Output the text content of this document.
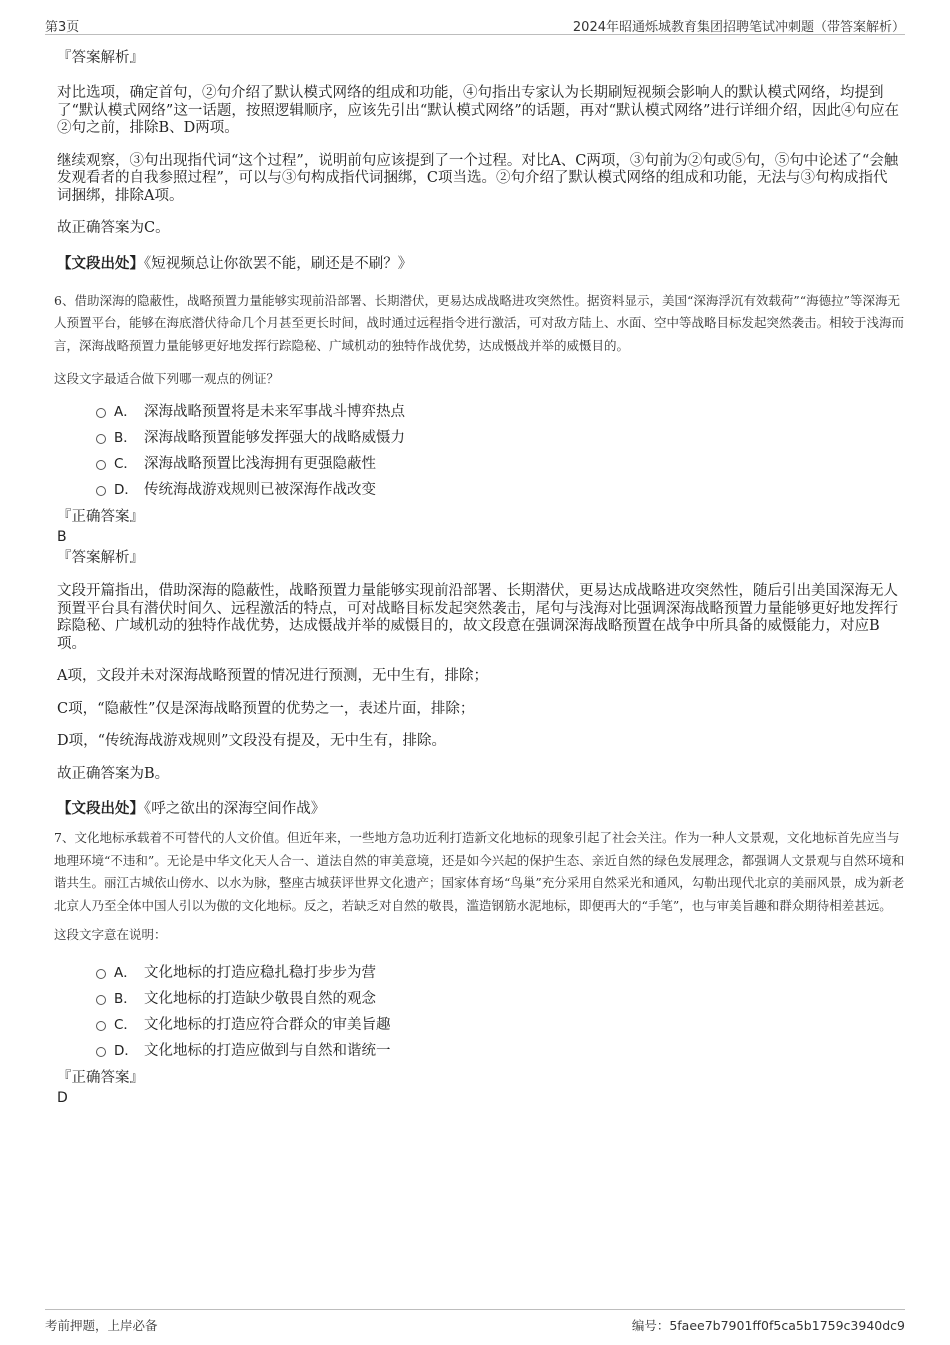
第3页	2024年昭通烁城教育集团招聘笔试冲刺题（带答案解析）
『答案解析』

对比选项，确定首句，②句介绍了默认模式网络的组成和功能，④句指出专家认为长期刷短视频会影响人的默认模式网络，均提到了“默认模式网络”这一话题，按照逻辑顺序，应该先引出“默认模式网络”的话题，再对“默认模式网络”进行详细介绍，因此④句应在②句之前，排除B、D两项。

继续观察，③句出现指代词“这个过程”，说明前句应该提到了一个过程。对比A、C两项，③句前为②句或⑤句，⑤句中论述了“会触发观看者的自我参照过程”，可以与③句构成指代词捆绑，C项当选。②句介绍了默认模式网络的组成和功能，无法与③句构成指代词捆绑，排除A项。

故正确答案为C。

【文段出处】《短视频总让你欲罢不能，刷还是不刷？》

6、借助深海的隐蔽性，战略预置力量能够实现前沿部署、长期潜伏，更易达成战略进攻突然性。据资料显示，美国“深海浮沉有效载荷”“海德拉”等深海无人预置平台，能够在海底潜伏待命几个月甚至更长时间，战时通过远程指令进行激活，可对敌方陆上、水面、空中等战略目标发起突然袭击。相较于浅海而言，深海战略预置力量能够更好地发挥行踪隐秘、广域机动的独特作战优势，达成慑战并举的威慑目的。
这段文字最适合做下列哪一观点的例证？
A． 深海战略预置将是未来军事战斗博弈热点
B． 深海战略预置能够发挥强大的战略威慑力
C． 深海战略预置比浅海拥有更强隐蔽性
D． 传统海战游戏规则已被深海作战改变
『正确答案』
B
『答案解析』

文段开篇指出，借助深海的隐蔽性，战略预置力量能够实现前沿部署、长期潜伏，更易达成战略进攻突然性，随后引出美国深海无人预置平台具有潜伏时间久、远程激活的特点，可对战略目标发起突然袭击，尾句与浅海对比强调深海战略预置力量能够更好地发挥行踪隐秘、广域机动的独特作战优势，达成慑战并举的威慑目的，故文段意在强调深海战略预置在战争中所具备的威慑能力，对应B项。

A项，文段并未对深海战略预置的情况进行预测，无中生有，排除；

C项，“隐蔽性”仅是深海战略预置的优势之一，表述片面，排除；

D项，“传统海战游戏规则”文段没有提及，无中生有，排除。

故正确答案为B。

【文段出处】《呼之欲出的深海空间作战》

7、文化地标承载着不可替代的人文价值。但近年来，一些地方急功近利打造新文化地标的现象引起了社会关注。作为一种人文景观，文化地标首先应当与地理环境“不违和”。无论是中华文化天人合一、道法自然的审美意境，还是如今兴起的保护生态、亲近自然的绿色发展理念，都强调人文景观与自然环境和谐共生。丽江古城依山傍水、以水为脉，整座古城获评世界文化遗产；国家体育场“鸟巢”充分采用自然采光和通风，勾勒出现代北京的美丽风景，成为新老北京人乃至全体中国人引以为傲的文化地标。反之，若缺乏对自然的敬畏，滥造钢筋水泥地标，即便再大的“手笔”，也与审美旨趣和群众期待相差甚远。
这段文字意在说明：
A． 文化地标的打造应稳扎稳打步步为营
B． 文化地标的打造缺少敬畏自然的观念
C． 文化地标的打造应符合群众的审美旨趣
D． 文化地标的打造应做到与自然和谐统一
『正确答案』
D
考前押题，上岸必备	编号：5faee7b7901ff0f5ca5b1759c3940dc9
